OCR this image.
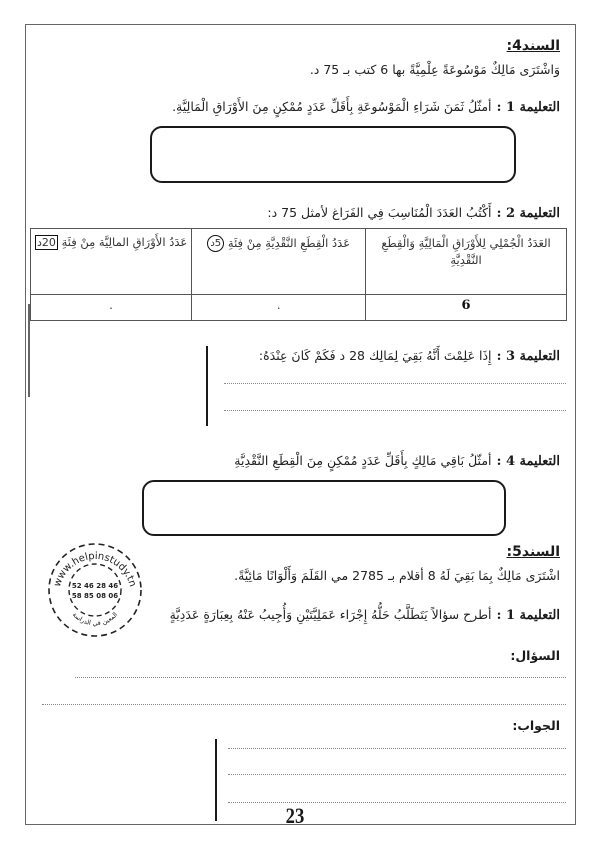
السند4:
وَاشْتَرَى مَالِكٌ مَوْسُوعَةً عِلْمِيَّةً بها 6 كتب بـ 75 د.
التعليمة 1 : أمثّلُ ثَمَنَ شَرَاءِ الْمَوْسُوعَةِ بِأَقَلِّ عَدَدٍ مُمْكِنٍ مِنَ الأَوْرَاقِ الْمَالِيَّةِ.
التعليمة 2 : أَكْتُبُ العَدَدَ الْمُنَاسِبَ فِي الفَرَاغ لأمثل 75 د:
العَدَدُ الْجُمْلِي لِلأَوْرَاقِ الْمَالِيَّةِ وَالْقِطَعِ النَّقْدِيَّةِ	عَدَدُ الْقِطَعِ النَّقْدِيَّةِ مِنْ فِئَةِ 5د	عَدَدُ الأَوْرَاقِ المالِيَّة مِنْ فِئَةِ 20د
6	.	.
التعليمة 3 : إِذَا عَلِمْتَ أَنَّهُ بَقِيَ لِمَالِك 28 د فَكَمْ كَانَ عِنْدَهُ:
التعليمة 4 : أمثّلُ بَاقِي مَالِكٍ بِأَقَلِّ عَدَدٍ مُمْكِنٍ مِنَ الْقِطَعِ النَّقْدِيَّةِ
السند5:
اشْتَرَى مَالِكٌ بِمَا بَقِيَ لَهُ 8 أقلام بـ 2785 مي القَلَمَ وَأَلْوَانًا مَائِيَّةً.
التعليمة 1 : أطرح سؤالاً يَتَطَلَّبُ حَلُّهُ إِجْرَاء عَمَلِيَّتَيْنِ وَأُجِيبُ عَنْهُ بِعِبَارَةٍ عَدَدِيَّةٍ
السؤال:
الجواب:
www.helpinstudy.tn
52 46 28 46
58 85 08 06
المعين في الدراسة
23
